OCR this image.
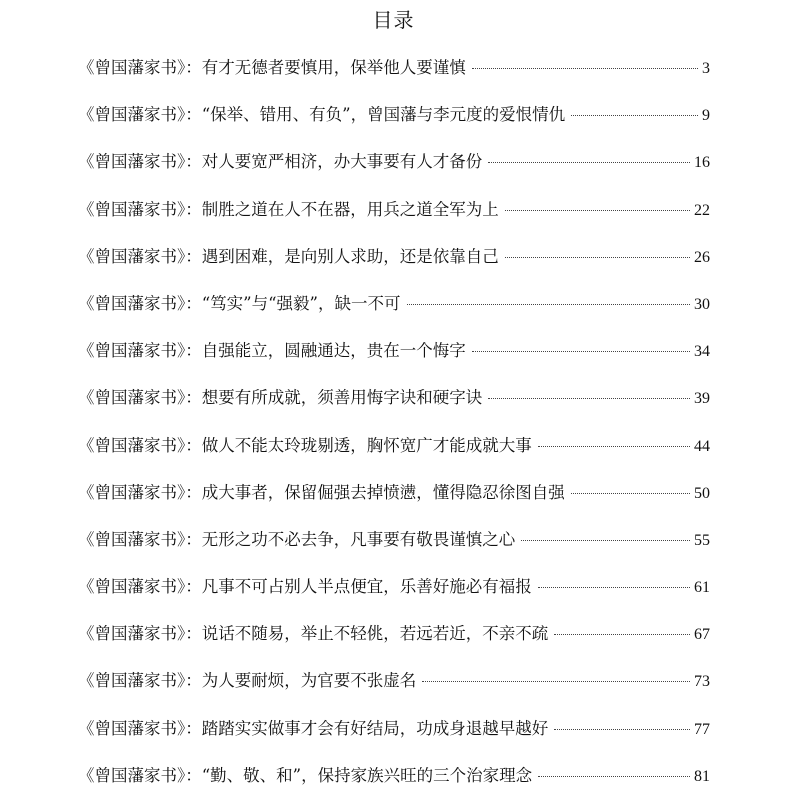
目录
《曾国藩家书》：有才无德者要慎用，保举他人要谨慎	3
《曾国藩家书》：“保举、错用、有负”，曾国藩与李元度的爱恨情仇	9
《曾国藩家书》：对人要宽严相济，办大事要有人才备份	16
《曾国藩家书》：制胜之道在人不在器，用兵之道全军为上	22
《曾国藩家书》：遇到困难，是向别人求助，还是依靠自己	26
《曾国藩家书》：“笃实”与“强毅”，缺一不可	30
《曾国藩家书》：自强能立，圆融通达，贵在一个悔字	34
《曾国藩家书》：想要有所成就，须善用悔字诀和硬字诀	39
《曾国藩家书》：做人不能太玲珑剔透，胸怀宽广才能成就大事	44
《曾国藩家书》：成大事者，保留倔强去掉愤懑，懂得隐忍徐图自强	50
《曾国藩家书》：无形之功不必去争，凡事要有敬畏谨慎之心	55
《曾国藩家书》：凡事不可占别人半点便宜，乐善好施必有福报	61
《曾国藩家书》：说话不随易，举止不轻佻，若远若近，不亲不疏	67
《曾国藩家书》：为人要耐烦，为官要不张虚名	73
《曾国藩家书》：踏踏实实做事才会有好结局，功成身退越早越好	77
《曾国藩家书》：“勤、敬、和”，保持家族兴旺的三个治家理念	81
